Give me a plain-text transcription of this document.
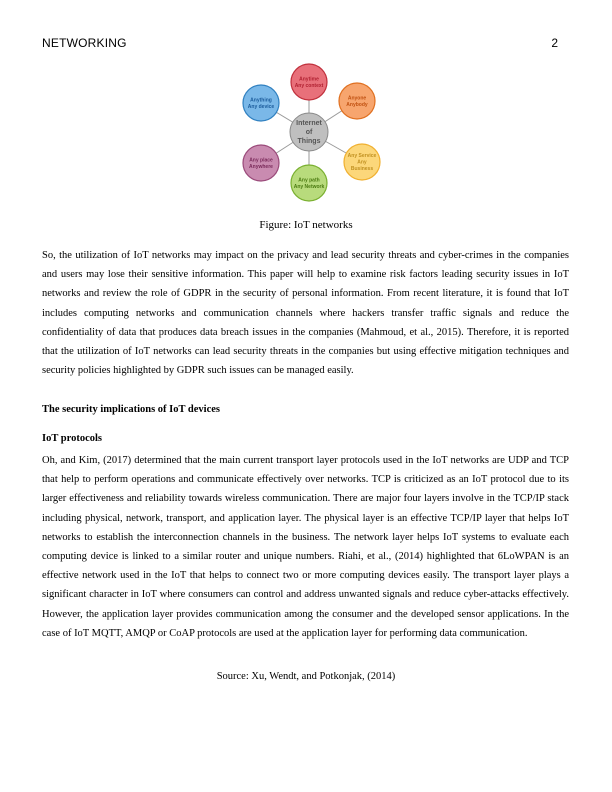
NETWORKING	2
Internet
of
Things
Anytime
Any context
Anyone
Anybody
Any Service
Any
Business
Any path
Any Network
Any place
Anywhere
Anything
Any device
Figure: IoT networks

So, the utilization of IoT networks may impact on the privacy and lead security threats and cyber-crimes in the companies and users may lose their sensitive information. This paper will help to examine risk factors leading security issues in IoT networks and review the role of GDPR in the security of personal information. From recent literature, it is found that IoT includes computing networks and communication channels where hackers transfer traffic signals and reduce the confidentiality of data that produces data breach issues in the companies (Mahmoud, et al., 2015). Therefore, it is reported that the utilization of IoT networks can lead security threats in the companies but using effective mitigation techniques and security policies highlighted by GDPR such issues can be managed easily.

The security implications of IoT devices

IoT protocols

Oh, and Kim, (2017) determined that the main current transport layer protocols used in the IoT networks are UDP and TCP that help to perform operations and communicate effectively over networks. TCP is criticized as an IoT protocol due to its larger effectiveness and reliability towards wireless communication. There are major four layers involve in the TCP/IP stack including physical, network, transport, and application layer. The physical layer is an effective TCP/IP layer that helps IoT networks to establish the interconnection channels in the business. The network layer helps IoT systems to evaluate each computing device is linked to a similar router and unique numbers. Riahi, et al., (2014) highlighted that 6LoWPAN is an effective network used in the IoT that helps to connect two or more computing devices easily. The transport layer plays a significant character in IoT where consumers can control and address unwanted signals and reduce cyber-attacks effectively. However, the application layer provides communication among the consumer and the developed sensor applications. In the case of IoT MQTT, AMQP or CoAP protocols are used at the application layer for performing data communication.

Source: Xu, Wendt, and Potkonjak, (2014)
